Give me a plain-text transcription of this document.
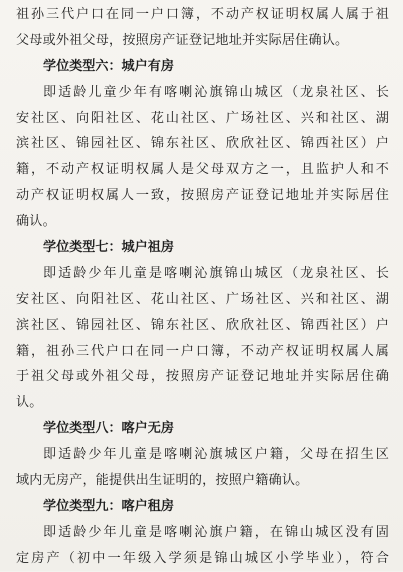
祖孙三代户口在同一户口簿，不动产权证明权属人属于祖
父母或外祖父母，按照房产证登记地址并实际居住确认。
学位类型六：城户有房
即适龄儿童少年有喀喇沁旗锦山城区（龙泉社区、长
安社区、向阳社区、花山社区、广场社区、兴和社区、湖
滨社区、锦园社区、锦东社区、欣欣社区、锦西社区）户
籍，不动产权证明权属人是父母双方之一，且监护人和不
动产权证明权属人一致，按照房产证登记地址并实际居住
确认。
学位类型七：城户祖房
即适龄少年儿童是喀喇沁旗锦山城区（龙泉社区、长
安社区、向阳社区、花山社区、广场社区、兴和社区、湖
滨社区、锦园社区、锦东社区、欣欣社区、锦西社区）户
籍，祖孙三代户口在同一户口簿，不动产权证明权属人属
于祖父母或外祖父母，按照房产证登记地址并实际居住确
认。
学位类型八：喀户无房
即适龄少年儿童是喀喇沁旗城区户籍，父母在招生区
域内无房产，能提供出生证明的，按照户籍确认。
学位类型九：喀户租房
即适龄少年儿童是喀喇沁旗户籍，在锦山城区没有固
定房产（初中一年级入学须是锦山城区小学毕业），符合
